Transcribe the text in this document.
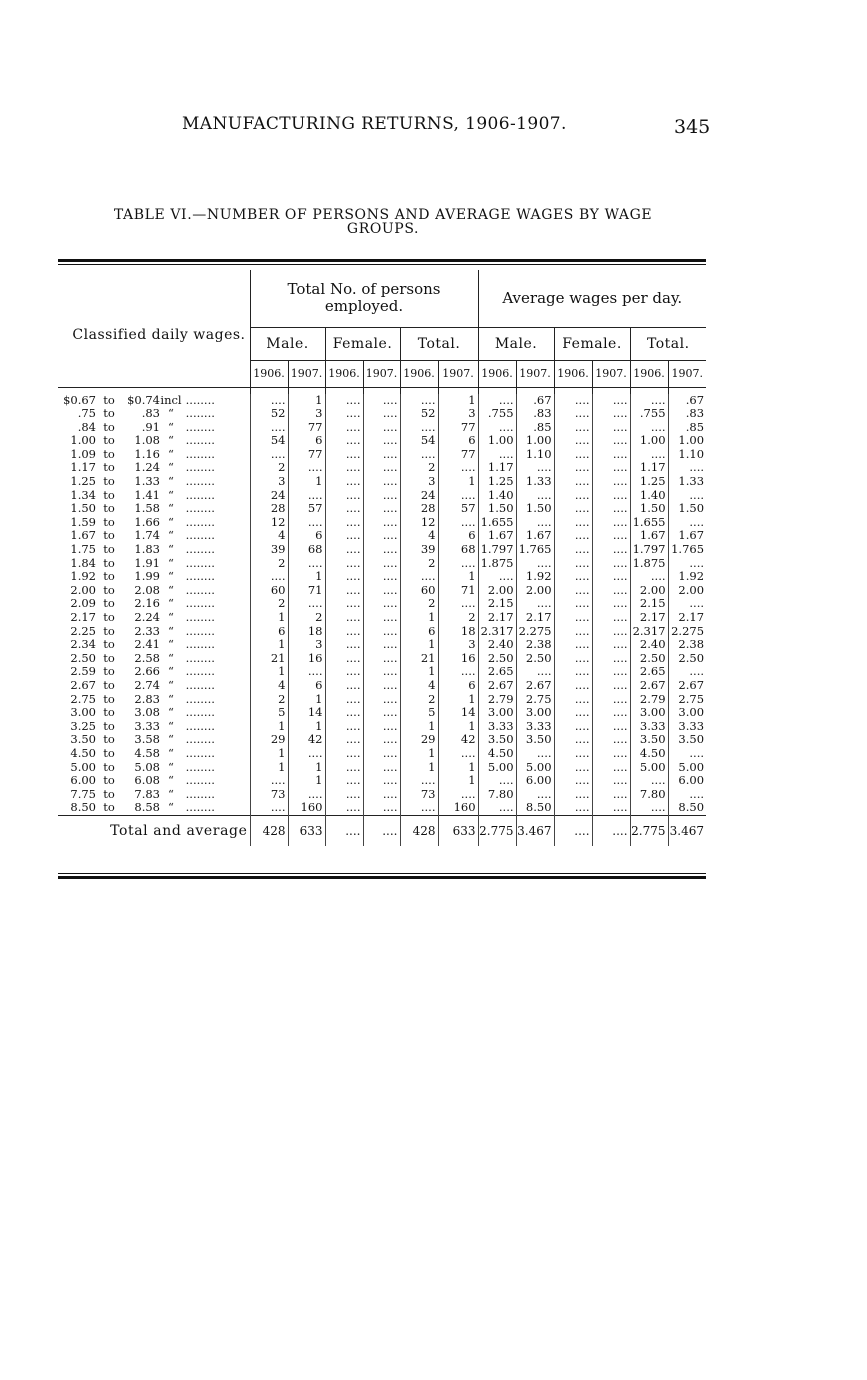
MANUFACTURING RETURNS, 1906-1907.	345
TABLE VI.—NUMBER OF PERSONS AND AVERAGE WAGES BY WAGE
GROUPS.
Classified daily wages.	Total No. of persons employed.						Average wages per day.					
	Male.		Female.		Total.		Male.		Female.		Total.	
	1906.	1907.	1906.	1907.	1906.	1907.	1906.	1907.	1906.	1907.	1906.	1907.

$0.67 to $0.74incl ........	....	1	....	....	....	1	....	.67	....	....	....	.67
.75 to .83 “ ........	52	3	....	....	52	3	.755	.83	....	....	.755	.83
.84 to .91 “ ........	....	77	....	....	....	77	....	.85	....	....	....	.85
1.00 to 1.08 “ ........	54	6	....	....	54	6	1.00	1.00	....	....	1.00	1.00
1.09 to 1.16 “ ........	....	77	....	....	....	77	....	1.10	....	....	....	1.10
1.17 to 1.24 “ ........	2	....	....	....	2	....	1.17	....	....	....	1.17	....
1.25 to 1.33 “ ........	3	1	....	....	3	1	1.25	1.33	....	....	1.25	1.33
1.34 to 1.41 “ ........	24	....	....	....	24	....	1.40	....	....	....	1.40	....
1.50 to 1.58 “ ........	28	57	....	....	28	57	1.50	1.50	....	....	1.50	1.50
1.59 to 1.66 “ ........	12	....	....	....	12	....	1.655	....	....	....	1.655	....
1.67 to 1.74 “ ........	4	6	....	....	4	6	1.67	1.67	....	....	1.67	1.67
1.75 to 1.83 “ ........	39	68	....	....	39	68	1.797	1.765	....	....	1.797	1.765
1.84 to 1.91 “ ........	2	....	....	....	2	....	1.875	....	....	....	1.875	....
1.92 to 1.99 “ ........	....	1	....	....	....	1	....	1.92	....	....	....	1.92
2.00 to 2.08 “ ........	60	71	....	....	60	71	2.00	2.00	....	....	2.00	2.00
2.09 to 2.16 “ ........	2	....	....	....	2	....	2.15	....	....	....	2.15	....
2.17 to 2.24 “ ........	1	2	....	....	1	2	2.17	2.17	....	....	2.17	2.17
2.25 to 2.33 “ ........	6	18	....	....	6	18	2.317	2.275	....	....	2.317	2.275
2.34 to 2.41 “ ........	1	3	....	....	1	3	2.40	2.38	....	....	2.40	2.38
2.50 to 2.58 “ ........	21	16	....	....	21	16	2.50	2.50	....	....	2.50	2.50
2.59 to 2.66 “ ........	1	....	....	....	1	....	2.65	....	....	....	2.65	....
2.67 to 2.74 “ ........	4	6	....	....	4	6	2.67	2.67	....	....	2.67	2.67
2.75 to 2.83 “ ........	2	1	....	....	2	1	2.79	2.75	....	....	2.79	2.75
3.00 to 3.08 “ ........	5	14	....	....	5	14	3.00	3.00	....	....	3.00	3.00
3.25 to 3.33 “ ........	1	1	....	....	1	1	3.33	3.33	....	....	3.33	3.33
3.50 to 3.58 “ ........	29	42	....	....	29	42	3.50	3.50	....	....	3.50	3.50
4.50 to 4.58 “ ........	1	....	....	....	1	....	4.50	....	....	....	4.50	....
5.00 to 5.08 “ ........	1	1	....	....	1	1	5.00	5.00	....	....	5.00	5.00
6.00 to 6.08 “ ........	....	1	....	....	....	1	....	6.00	....	....	....	6.00
7.75 to 7.83 “ ........	73	....	....	....	73	....	7.80	....	....	....	7.80	....
8.50 to 8.58 “ ........	....	160	....	....	....	160	....	8.50	....	....	....	8.50
Total and average	428	633	....	....	428	633	2.775	3.467	....	....	2.775	3.467
